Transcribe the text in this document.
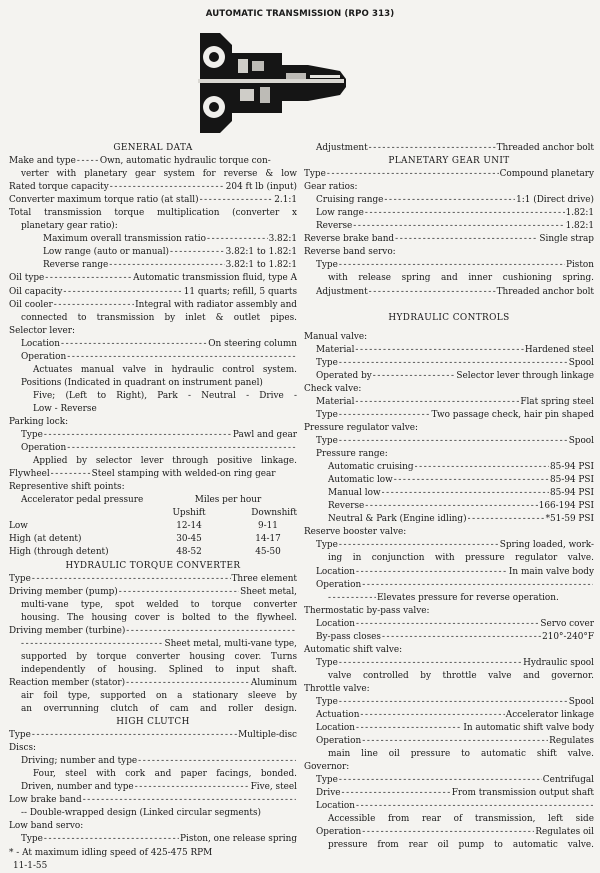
AUTOMATIC TRANSMISSION (RPO 313)
GENERAL DATA
Make and type -----	Own, automatic hydraulic torque con-
verter with planetary gear system for reverse & low
Rated torque capacity -----	204 ft lb (input)
Converter maximum torque ratio (at stall) -----	2.1:1
Total transmission torque multiplication (converter x
planetary gear ratio):
Maximum overall transmission ratio -----	3.82:1
Low range (auto or manual) -----	3.82:1 to 1.82:1
Reverse range -----	3.82:1 to 1.82:1
Oil type -----	Automatic transmission fluid, type A
Oil capacity -----	11 quarts; refill, 5 quarts
Oil cooler -----	Integral with radiator assembly and
connected to transmission by inlet & outlet pipes.
Selector lever:
Location -----	On steering column
Operation
-----
Actuates manual valve in hydraulic control system.
Positions (Indicated in quadrant on instrument panel)
Five; (Left to Right), Park - Neutral - Drive -
Low - Reverse
Parking lock:
Type -----	Pawl and gear
Operation
-----
Applied by selector lever through positive linkage.
Flywheel -----	Steel stamping with welded-on ring gear
Representive shift points:
Accelerator pedal pressure	Miles per hour
Upshift	Downshift
Low	12-14	9-11
High (at detent)	30-45	14-17
High (through detent)	48-52	45-50
HYDRAULIC TORQUE CONVERTER
Type -----	Three element
Driving member (pump) -----	Sheet metal,
multi-vane type, spot welded to torque converter
housing. The housing cover is bolted to the flywheel.
Driving member (turbine)
-----
-----
Sheet metal, multi-vane type,
supported by torque converter housing cover. Turns
independently of housing. Splined to input shaft.
Reaction member (stator) -----	Aluminum
air foil type, supported on a stationary sleeve by
an overrunning clutch of cam and roller design.
HIGH CLUTCH
Type -----	Multiple-disc
Discs:
Driving; number and type
-----
Four, steel with cork and paper facings, bonded.
Driven, number and type -----	Five, steel
Low brake band
-----
-- Double-wrapped design (Linked circular segments)
Low band servo:
Type -----	Piston, one release spring
* - At maximum idling speed of 425-475 RPM
11-1-55
Adjustment -----	Threaded anchor bolt
PLANETARY GEAR UNIT
Type -----	Compound planetary
Gear ratios:
Cruising range -----	1:1 (Direct drive)
Low range -----	1.82:1
Reverse -----	1.82:1
Reverse brake band -----	Single strap
Reverse band servo:
Type -----	Piston
with release spring and inner cushioning spring.
Adjustment -----	Threaded anchor bolt
HYDRAULIC CONTROLS
Manual valve:
Material -----	Hardened steel
Type -----	Spool
Operated by -----	Selector lever through linkage
Check valve:
Material -----	Flat spring steel
Type -----	Two passage check, hair pin shaped
Pressure regulator valve:
Type -----	Spool
Pressure range:
Automatic cruising -----	85-94 PSI
Automatic low -----	85-94 PSI
Manual low -----	85-94 PSI
Reverse -----	166-194 PSI
Neutral & Park (Engine idling) -----	*51-59 PSI
Reserve booster valve:
Type -----	Spring loaded, work-
ing in conjunction with pressure regulator valve.
Location -----	In main valve body
Operation
-----
-----
Elevates pressure for reverse operation.
Thermostatic by-pass valve:
Location -----	Servo cover
By-pass closes -----	210°-240°F
Automatic shift valve:
Type -----	Hydraulic spool
valve controlled by throttle valve and governor.
Throttle valve:
Type -----	Spool
Actuation -----	Accelerator linkage
Location -----	In automatic shift valve body
Operation -----	Regulates
main line oil pressure to automatic shift valve.
Governor:
Type -----	Centrifugal
Drive -----	From transmission output shaft
Location
-----
Accessible from rear of transmission, left side
Operation -----	Regulates oil
pressure from rear oil pump to automatic valve.
